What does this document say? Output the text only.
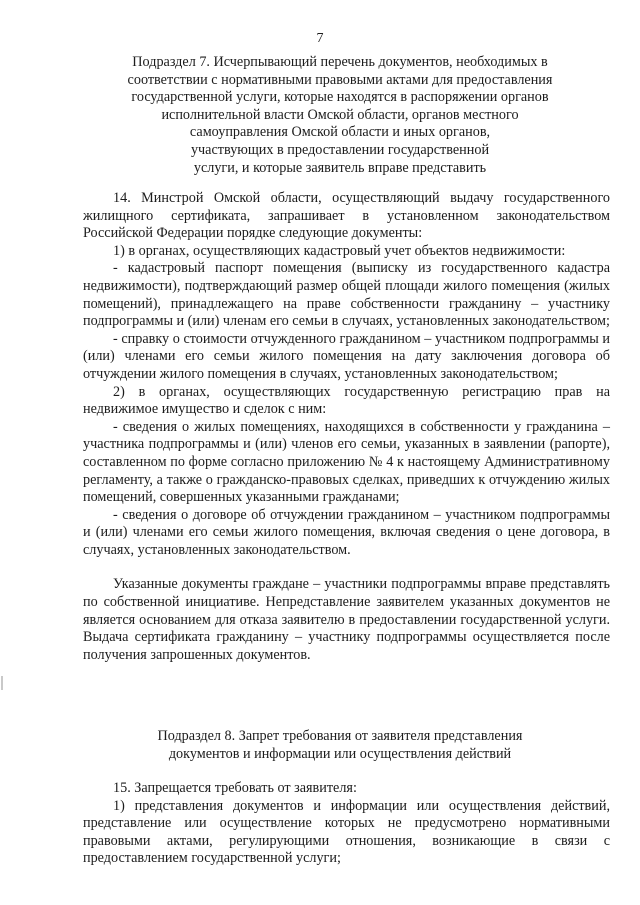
7
Подраздел 7. Исчерпывающий перечень документов, необходимых в
соответствии с нормативными правовыми актами для предоставления
государственной услуги, которые находятся в распоряжении органов
исполнительной власти Омской области, органов местного
самоуправления Омской области и иных органов,
участвующих в предоставлении государственной
услуги, и которые заявитель вправе представить

14. Минстрой Омской области, осуществляющий выдачу государственного жилищного сертификата, запрашивает в установленном законодательством Российской Федерации порядке следующие документы:

1) в органах, осуществляющих кадастровый учет объектов недвижимости:

- кадастровый паспорт помещения (выписку из государственного кадастра недвижимости), подтверждающий размер общей площади жилого помещения (жилых помещений), принадлежащего на праве собственности гражданину – участнику подпрограммы и (или) членам его семьи в случаях, установленных законодательством;

- справку о стоимости отчужденного гражданином – участником подпрограммы и (или) членами его семьи жилого помещения на дату заключения договора об отчуждении жилого помещения в случаях, установленных законодательством;

2) в органах, осуществляющих государственную регистрацию прав на недвижимое имущество и сделок с ним:

- сведения о жилых помещениях, находящихся в собственности у гражданина – участника подпрограммы и (или) членов его семьи, указанных в заявлении (рапорте), составленном по форме согласно приложению № 4 к настоящему Административному регламенту, а также о гражданско-правовых сделках, приведших к отчуждению жилых помещений, совершенных указанными гражданами;

- сведения о договоре об отчуждении гражданином – участником подпрограммы и (или) членами его семьи жилого помещения, включая сведения о цене договора, в случаях, установленных законодательством.

Указанные документы граждане – участники подпрограммы вправе представлять по собственной инициативе. Непредставление заявителем указанных документов не является основанием для отказа заявителю в предоставлении государственной услуги. Выдача сертификата гражданину – участнику подпрограммы осуществляется после получения запрошенных документов.

Подраздел 8. Запрет требования от заявителя представления
документов и информации или осуществления действий

15. Запрещается требовать от заявителя:

1) представления документов и информации или осуществления действий, представление или осуществление которых не предусмотрено нормативными правовыми актами, регулирующими отношения, возникающие в связи с предоставлением государственной услуги;
